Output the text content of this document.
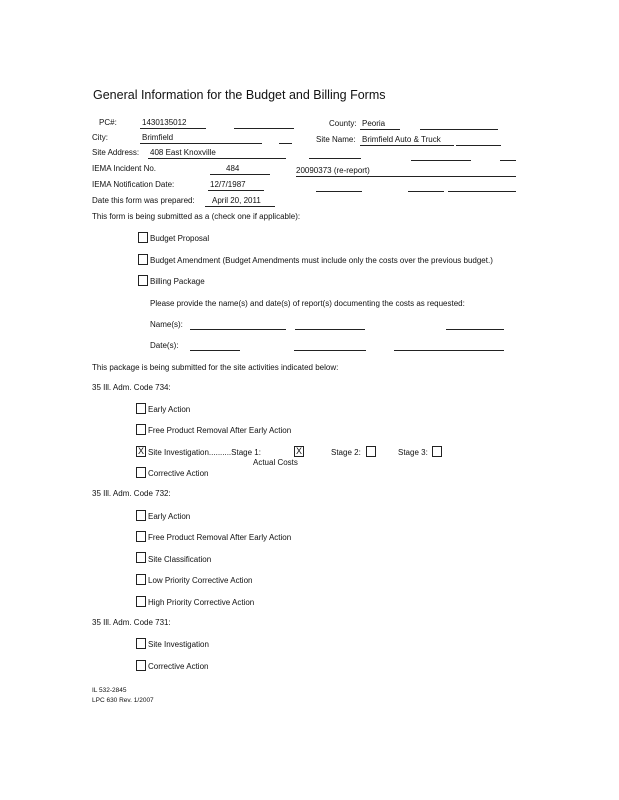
General Information for the Budget and Billing Forms
PC#:	1430135012	County: Peoria
City:	Brimfield	Site Name: Brimfield Auto & Truck
Site Address: 408 East Knoxville
IEMA Incident No.	484	20090373 (re-report)
IEMA Notification Date:	12/7/1987
Date this form was prepared: April 20, 2011
This form is being submitted as a (check one if applicable):
Budget Proposal
Budget Amendment (Budget Amendments must include only the costs over the previous budget.)
Billing Package
Please provide the name(s) and date(s) of report(s) documenting the costs as requested:
Name(s):
Date(s):
This package is being submitted for the site activities indicated below:
35 Ill. Adm. Code 734:
Early Action
Free Product Removal After Early Action
X
Site Investigation..........Stage 1:
X
Actual Costs
Stage 2:	Stage 3:
Corrective Action
35 Ill. Adm. Code 732:
Early Action
Free Product Removal After Early Action
Site Classification
Low Priority Corrective Action
High Priority Corrective Action
35 Ill. Adm. Code 731:
Site Investigation
Corrective Action
IL 532-2845
LPC 630 Rev. 1/2007
